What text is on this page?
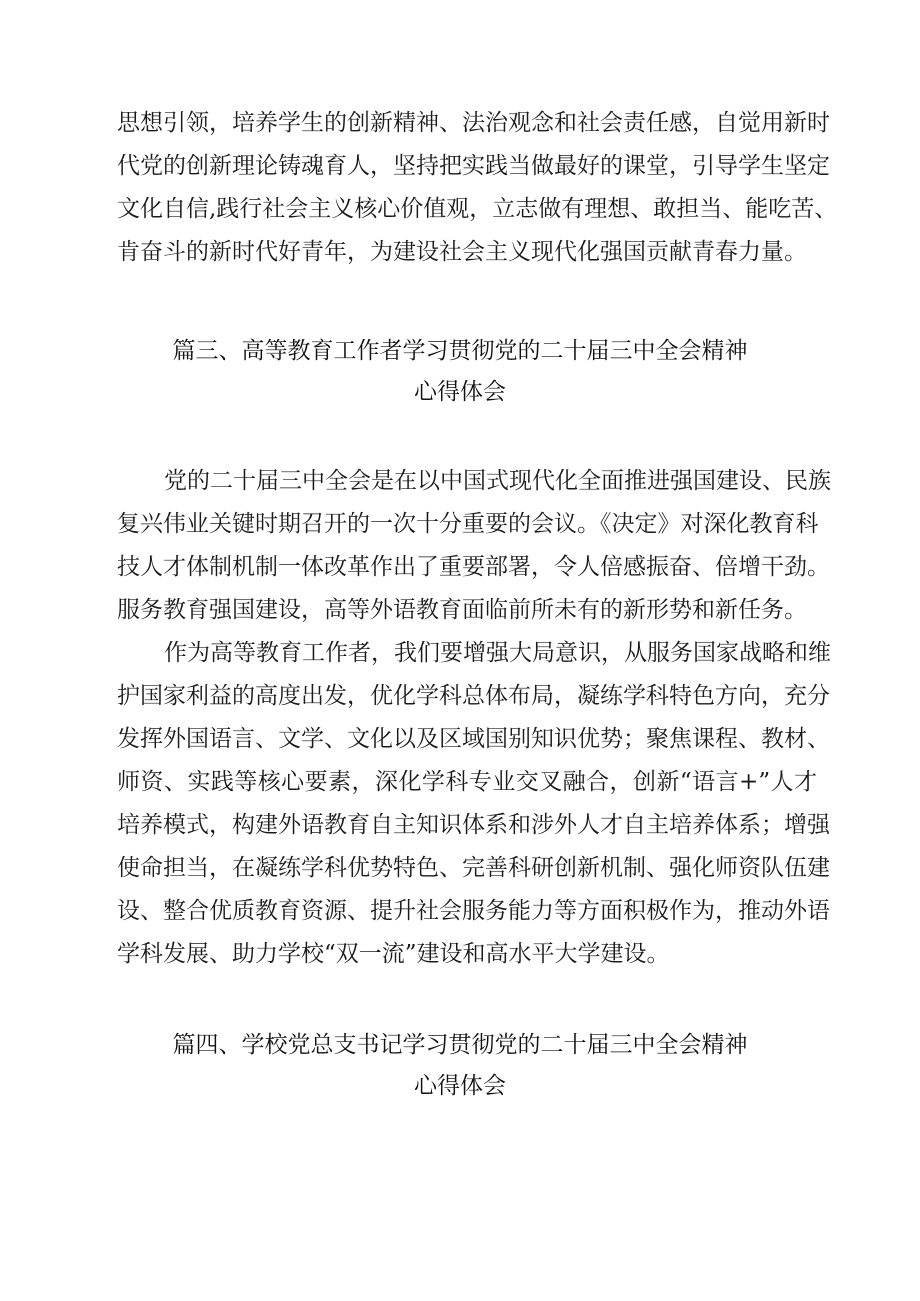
思想引领，培养学生的创新精神、法治观念和社会责任感，自觉用新时
代党的创新理论铸魂育人，坚持把实践当做最好的课堂，引导学生坚定
文化自信,践行社会主义核心价值观，立志做有理想、敢担当、能吃苦、
肯奋斗的新时代好青年，为建设社会主义现代化强国贡献青春力量。
篇三、高等教育工作者学习贯彻党的二十届三中全会精神
心得体会
党的二十届三中全会是在以中国式现代化全面推进强国建设、民族
复兴伟业关键时期召开的一次十分重要的会议。《决定》对深化教育科
技人才体制机制一体改革作出了重要部署，令人倍感振奋、倍增干劲。
服务教育强国建设，高等外语教育面临前所未有的新形势和新任务。
作为高等教育工作者，我们要增强大局意识，从服务国家战略和维
护国家利益的高度出发，优化学科总体布局，凝练学科特色方向，充分
发挥外国语言、文学、文化以及区域国别知识优势；聚焦课程、教材、
师资、实践等核心要素，深化学科专业交叉融合，创新“语言+”人才
培养模式，构建外语教育自主知识体系和涉外人才自主培养体系；增强
使命担当，在凝练学科优势特色、完善科研创新机制、强化师资队伍建
设、整合优质教育资源、提升社会服务能力等方面积极作为，推动外语
学科发展、助力学校“双一流”建设和高水平大学建设。
篇四、学校党总支书记学习贯彻党的二十届三中全会精神
心得体会
